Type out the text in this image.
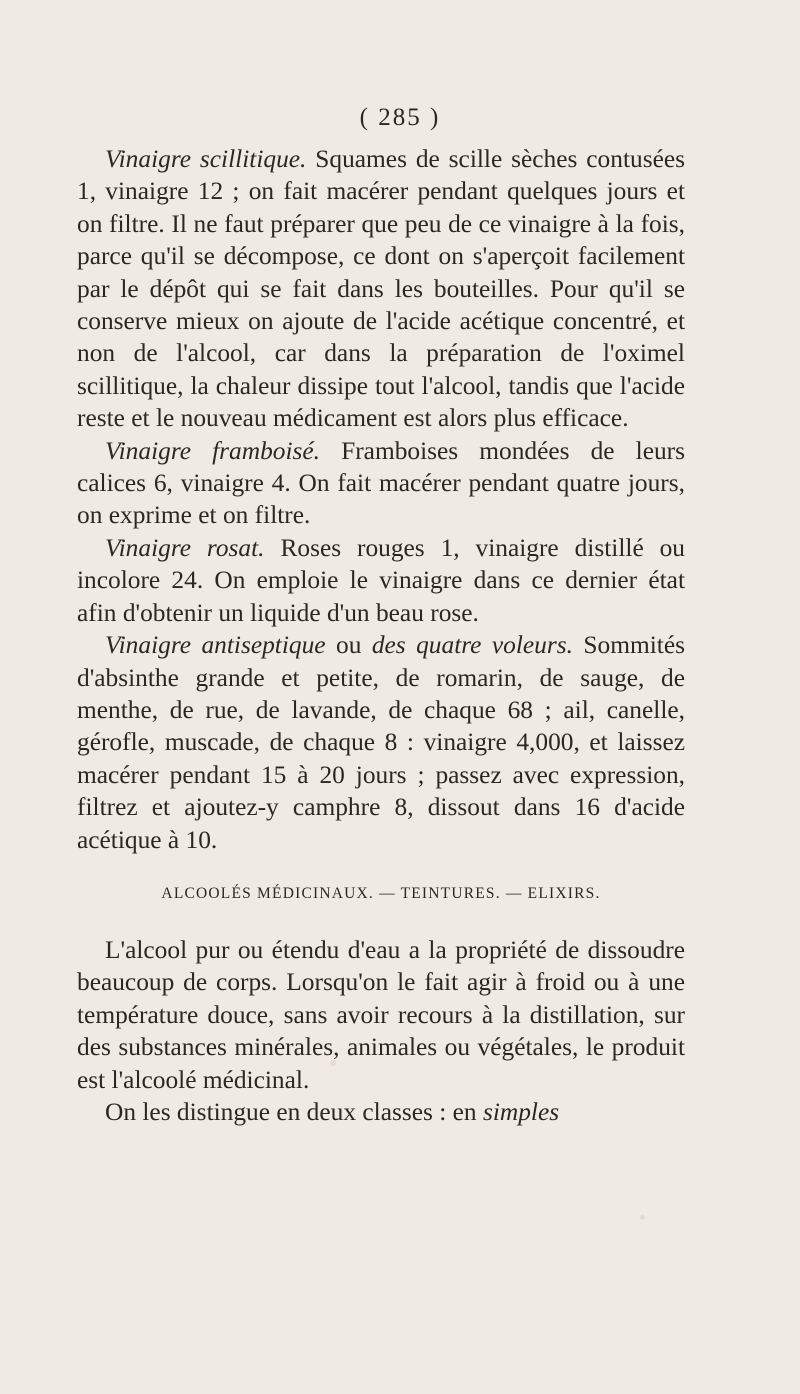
( 285 )

Vinaigre scillitique. Squames de scille sèches contusées 1, vinaigre 12 ; on fait macérer pendant quelques jours et on filtre. Il ne faut préparer que peu de ce vinaigre à la fois, parce qu'il se décompose, ce dont on s'aperçoit facilement par le dépôt qui se fait dans les bouteilles. Pour qu'il se conserve mieux on ajoute de l'acide acétique concentré, et non de l'alcool, car dans la préparation de l'oximel scillitique, la chaleur dissipe tout l'alcool, tandis que l'acide reste et le nouveau médicament est alors plus efficace.

Vinaigre framboisé. Framboises mondées de leurs calices 6, vinaigre 4. On fait macérer pendant quatre jours, on exprime et on filtre.

Vinaigre rosat. Roses rouges 1, vinaigre distillé ou incolore 24. On emploie le vinaigre dans ce dernier état afin d'obtenir un liquide d'un beau rose.

Vinaigre antiseptique ou des quatre voleurs. Sommités d'absinthe grande et petite, de romarin, de sauge, de menthe, de rue, de lavande, de chaque 68 ; ail, canelle, gérofle, muscade, de chaque 8 : vinaigre 4,000, et laissez macérer pendant 15 à 20 jours ; passez avec expression, filtrez et ajoutez-y camphre 8, dissout dans 16 d'acide acétique à 10.

ALCOOLÉS MÉDICINAUX. — TEINTURES. — ELIXIRS.

L'alcool pur ou étendu d'eau a la propriété de dissoudre beaucoup de corps. Lorsqu'on le fait agir à froid ou à une température douce, sans avoir recours à la distillation, sur des substances minérales, animales ou végétales, le produit est l'alcoolé médicinal.

On les distingue en deux classes : en simples
